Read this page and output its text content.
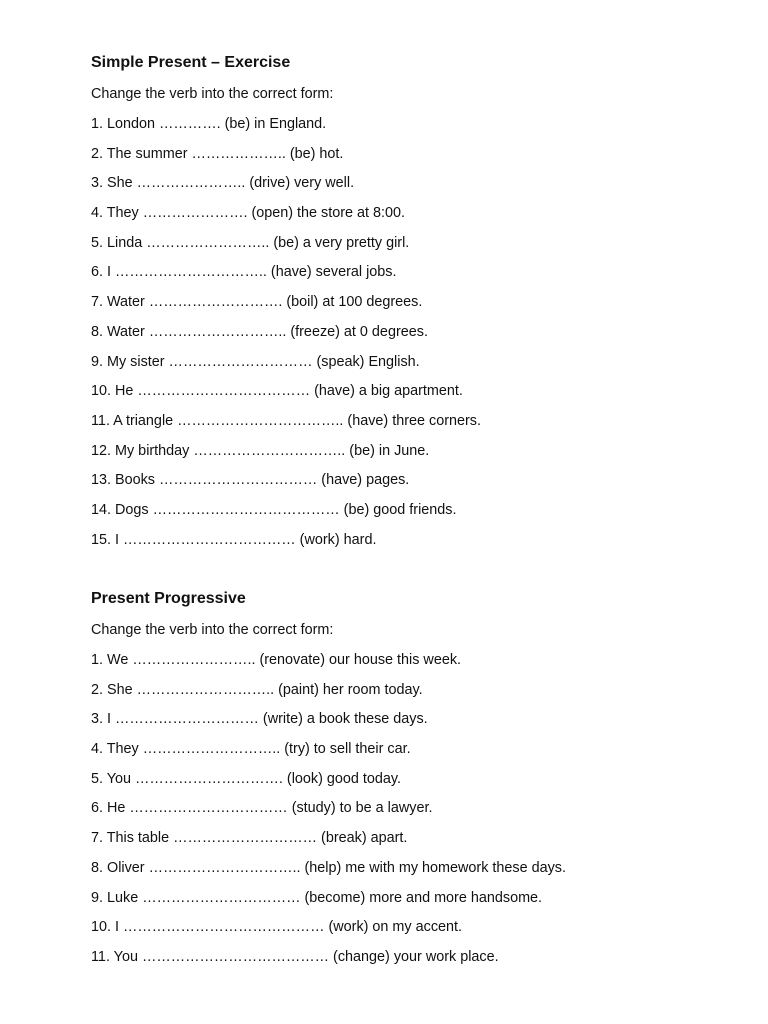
Simple Present – Exercise
Change the verb into the correct form:
1. London …………. (be) in England.
2. The summer ……………….. (be) hot.
3. She ………………….. (drive) very well.
4. They …………………. (open) the store at 8:00.
5. Linda …………………….. (be) a very pretty girl.
6. I ………………………….. (have) several jobs.
7. Water ………………………. (boil) at 100 degrees.
8. Water ……………………….. (freeze) at 0 degrees.
9. My sister ………………………… (speak) English.
10. He ……………………………… (have) a big apartment.
11. A triangle …………………………….. (have) three corners.
12. My birthday ………………………….. (be) in June.
13. Books …………………………… (have) pages.
14. Dogs ………………………………… (be) good friends.
15. I ……………………………… (work) hard.
Present Progressive
Change the verb into the correct form:
1. We …………………….. (renovate) our house this week.
2. She ……………………….. (paint) her room today.
3. I ………………………… (write) a book these days.
4. They ……………………….. (try) to sell their car.
5. You …………………………. (look) good today.
6. He …………………………… (study) to be a lawyer.
7. This table ………………………… (break) apart.
8. Oliver ………………………….. (help) me with my homework these days.
9. Luke …………………………… (become) more and more handsome.
10. I …………………………………… (work) on my accent.
11. You ………………………………… (change) your work place.
